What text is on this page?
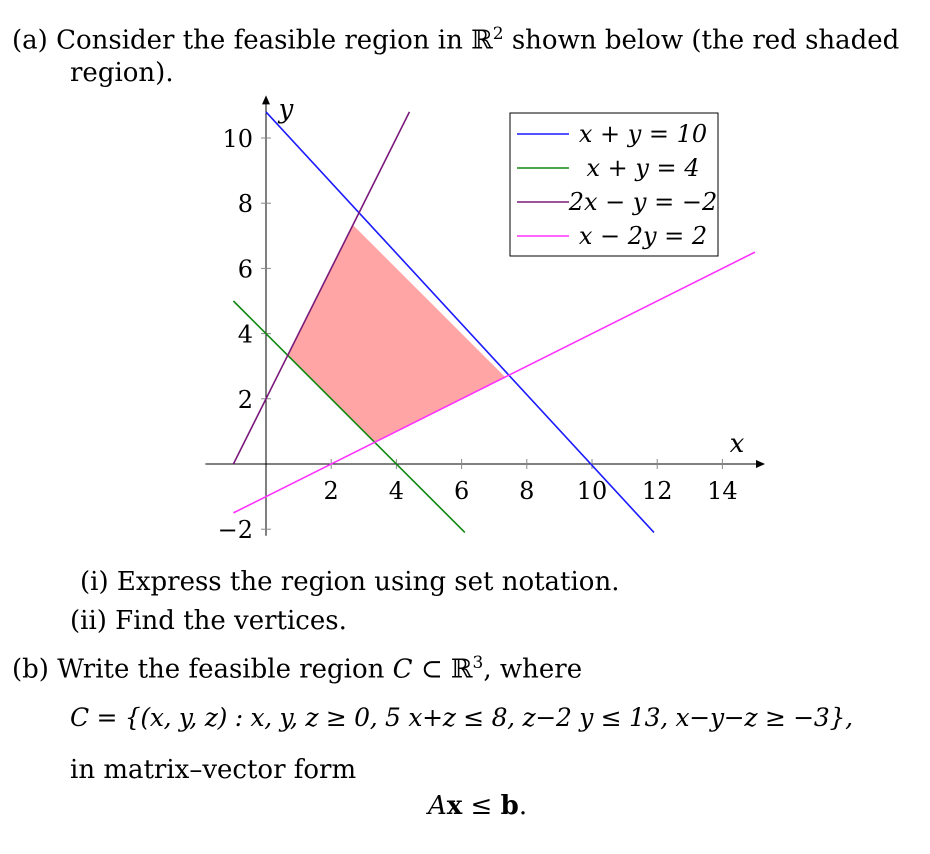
(a) Consider the feasible region in ℝ$^2$ shown below (the red shaded
region).
2 4 6 8 10 12 14
−2
2
4
6
8
10
x
y
x + y = 10
x + y = 4
2x − y = −2
x − 2y = 2
(i) Express the region using set notation.
(ii) Find the vertices.
(b) Write the feasible region C ⊂ ℝ$^3$, where
C = {(x, y, z) : x, y, z ≥ 0, 5 x+z ≤ 8, z−2 y ≤ 13, x−y−z ≥ −3},
in matrix–vector form
Ax ≤ b.
